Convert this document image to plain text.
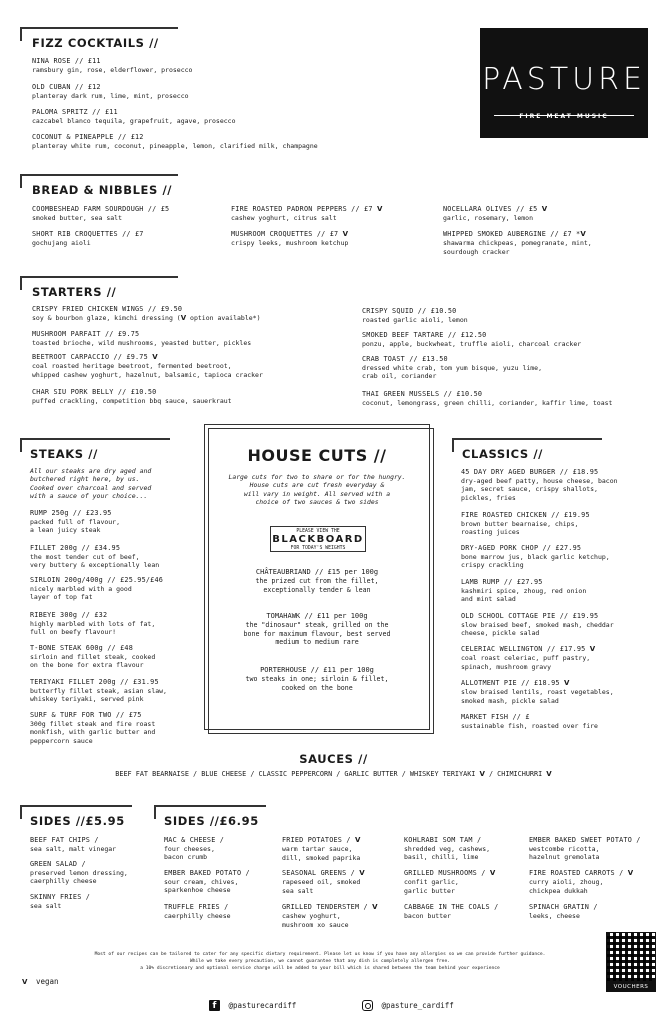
PASTURE
FIRE MEAT MUSIC
FIZZ COCKTAILS //
NINA ROSE // £11
ramsbury gin, rose, elderflower, prosecco
OLD CUBAN // £12
planteray dark rum, lime, mint, prosecco
PALOMA SPRITZ // £11
cazcabel blanco tequila, grapefruit, agave, prosecco
COCONUT & PINEAPPLE // £12
planteray white rum, coconut, pineapple, lemon, clarified milk, champagne
BREAD & NIBBLES //
COOMBESHEAD FARM SOURDOUGH // £5
smoked butter, sea salt
SHORT RIB CROQUETTES // £7
gochujang aioli
FIRE ROASTED PADRON PEPPERS // £7 V
cashew yoghurt, citrus salt
MUSHROOM CROQUETTES // £7 V
crispy leeks, mushroom ketchup
NOCELLARA OLIVES // £5 V
garlic, rosemary, lemon
WHIPPED SMOKED AUBERGINE // £7 *V
shawarma chickpeas, pomegranate, mint,
sourdough cracker
STARTERS //
CRISPY FRIED CHICKEN WINGS // £9.50
soy & bourbon glaze, kimchi dressing (V option available*)
MUSHROOM PARFAIT // £9.75
toasted brioche, wild mushrooms, yeasted butter, pickles
BEETROOT CARPACCIO // £9.75 V
coal roasted heritage beetroot, fermented beetroot,
whipped cashew yoghurt, hazelnut, balsamic, tapioca cracker
CHAR SIU PORK BELLY // £10.50
puffed crackling, competition bbq sauce, sauerkraut
CRISPY SQUID // £10.50
roasted garlic aioli, lemon
SMOKED BEEF TARTARE // £12.50
ponzu, apple, buckwheat, truffle aioli, charcoal cracker
CRAB TOAST // £13.50
dressed white crab, tom yum bisque, yuzu lime,
crab oil, coriander
THAI GREEN MUSSELS // £10.50
coconut, lemongrass, green chilli, coriander, kaffir lime, toast
STEAKS //
All our steaks are dry aged and
butchered right here, by us.
Cooked over charcoal and served
with a sauce of your choice...
RUMP 250g // £23.95
packed full of flavour,
a lean juicy steak
FILLET 200g // £34.95
the most tender cut of beef,
very buttery & exceptionally lean
SIRLOIN 200g/400g // £25.95/£46
nicely marbled with a good
layer of top fat
RIBEYE 300g // £32
highly marbled with lots of fat,
full on beefy flavour!
T-BONE STEAK 600g // £48
sirloin and fillet steak, cooked
on the bone for extra flavour
TERIYAKI FILLET 200g // £31.95
butterfly fillet steak, asian slaw,
whiskey teriyaki, served pink
SURF & TURF FOR TWO // £75
300g fillet steak and fire roast
monkfish, with garlic butter and
peppercorn sauce
HOUSE CUTS //
Large cuts for two to share or for the hungry.
House cuts are cut fresh everyday &
will vary in weight. All served with a
choice of two sauces & two sides
PLEASE VIEW THE
BLACKBOARD
FOR TODAY'S WEIGHTS
CHÂTEAUBRIAND // £15 per 100g
the prized cut from the fillet,
exceptionally tender & lean
TOMAHAWK // £11 per 100g
the "dinosaur" steak, grilled on the
bone for maximum flavour, best served
medium to medium rare
PORTERHOUSE // £11 per 100g
two steaks in one; sirloin & fillet,
cooked on the bone
CLASSICS //
45 DAY DRY AGED BURGER // £18.95
dry-aged beef patty, house cheese, bacon
jam, secret sauce, crispy shallots,
pickles, fries
FIRE ROASTED CHICKEN // £19.95
brown butter bearnaise, chips,
roasting juices
DRY-AGED PORK CHOP // £27.95
bone marrow jus, black garlic ketchup,
crispy crackling
LAMB RUMP // £27.95
kashmiri spice, zhoug, red onion
and mint salad
OLD SCHOOL COTTAGE PIE // £19.95
slow braised beef, smoked mash, cheddar
cheese, pickle salad
CELERIAC WELLINGTON // £17.95 V
coal roast celeriac, puff pastry,
spinach, mushroom gravy
ALLOTMENT PIE // £18.95 V
slow braised lentils, roast vegetables,
smoked mash, pickle salad
MARKET FISH // £
sustainable fish, roasted over fire
SAUCES //
BEEF FAT BEARNAISE / BLUE CHEESE / CLASSIC PEPPERCORN / GARLIC BUTTER / WHISKEY TERIYAKI V / CHIMICHURRI V
SIDES //£5.95
BEEF FAT CHIPS /
sea salt, malt vinegar
GREEN SALAD /
preserved lemon dressing,
caerphilly cheese
SKINNY FRIES /
sea salt
SIDES //£6.95
MAC & CHEESE /
four cheeses,
bacon crumb
EMBER BAKED POTATO /
sour cream, chives,
sparkenhoe cheese
TRUFFLE FRIES /
caerphilly cheese
FRIED POTATOES / V
warm tartar sauce,
dill, smoked paprika
SEASONAL GREENS / V
rapeseed oil, smoked
sea salt
GRILLED TENDERSTEM / V
cashew yoghurt,
mushroom xo sauce
KOHLRABI SOM TAM /
shredded veg, cashews,
basil, chilli, lime
GRILLED MUSHROOMS / V
confit garlic,
garlic butter
CABBAGE IN THE COALS /
bacon butter
EMBER BAKED SWEET POTATO /
westcombe ricotta,
hazelnut gremolata
FIRE ROASTED CARROTS / V
curry aioli, zhoug,
chickpea dukkah
SPINACH GRATIN /
leeks, cheese
Most of our recipes can be tailored to cater for any specific dietary requirement. Please let us know if you have any allergies so we can provide further guidance.
While we take every precaution, we cannot guarantee that any dish is completely allergen free.
a 10% discretionary and optional service charge will be added to your bill which is shared between the team behind your experience
V vegan
f @pasturecardiff	@pasture_cardiff
VOUCHERS
